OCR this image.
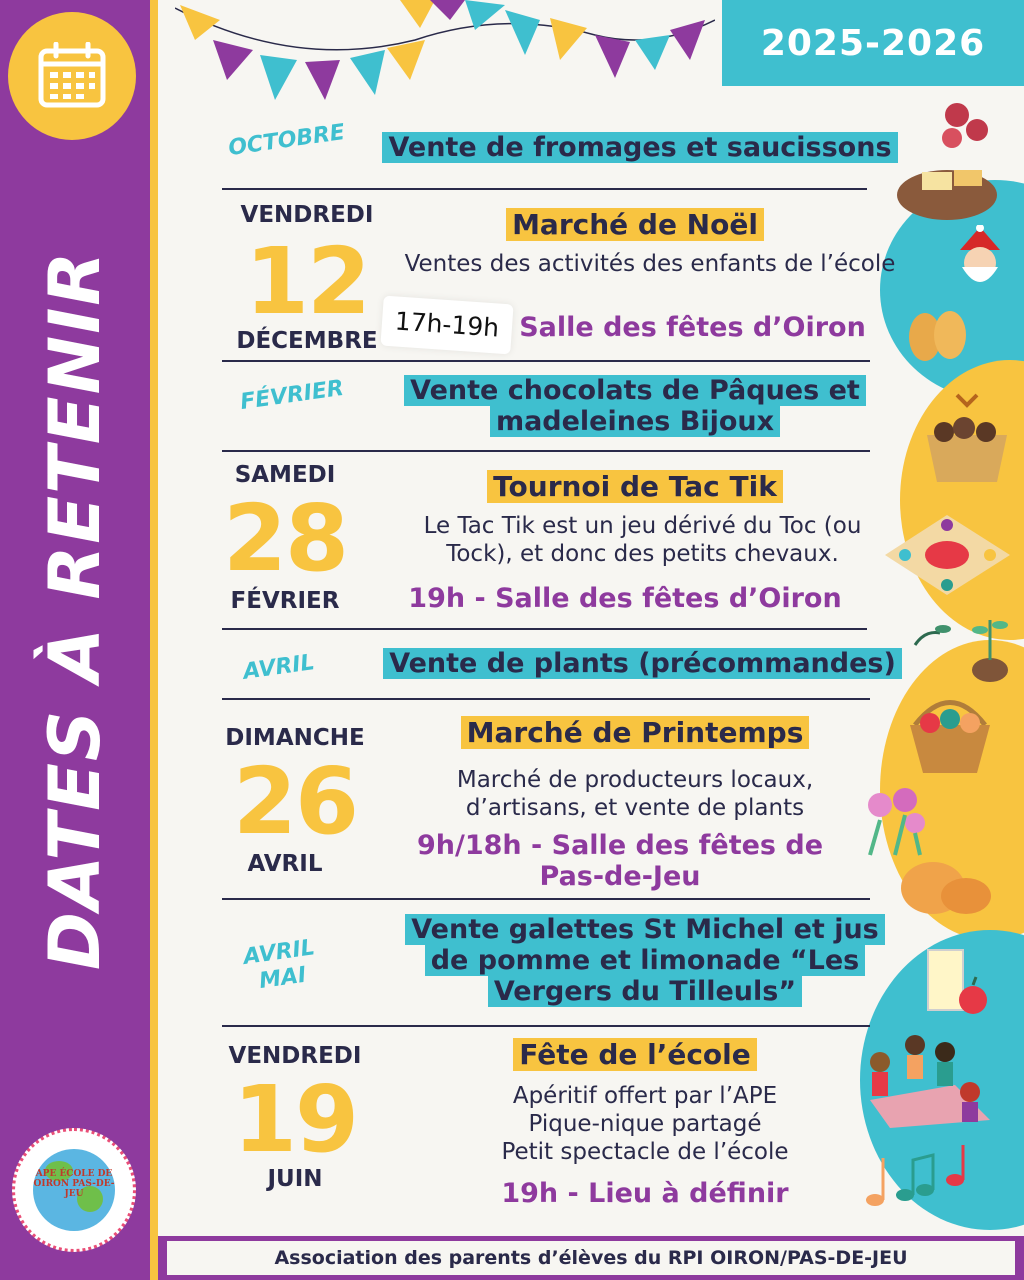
DATES À RETENIR
APE ÉCOLE DE OIRON PAS-DE-JEU
2025-2026
OCTOBRE	Vente de fromages et saucissons
VENDREDI
12
DÉCEMBRE
Marché de Noël
Ventes des activités des enfants de l’école
Salle des fêtes d’Oiron
17h-19h
FÉVRIER	Vente chocolats de Pâques et madeleines Bijoux
SAMEDI
28
FÉVRIER
Tournoi de Tac Tik
Le Tac Tik est un jeu dérivé du Toc (ou Tock), et donc des petits chevaux.
19h - Salle des fêtes d’Oiron
AVRIL	Vente de plants (précommandes)
DIMANCHE
26
AVRIL
Marché de Printemps
Marché de producteurs locaux, d’artisans, et vente de plants
9h/18h - Salle des fêtes de Pas-de-Jeu
AVRIL MAI
Vente galettes St Michel et jus de pomme et limonade “Les Vergers du Tilleuls”
VENDREDI
19
JUIN
Fête de l’école
Apéritif offert par l’APE
Pique-nique partagé
Petit spectacle de l’école
19h - Lieu à définir
Association des parents d’élèves du RPI OIRON/PAS-DE-JEU
